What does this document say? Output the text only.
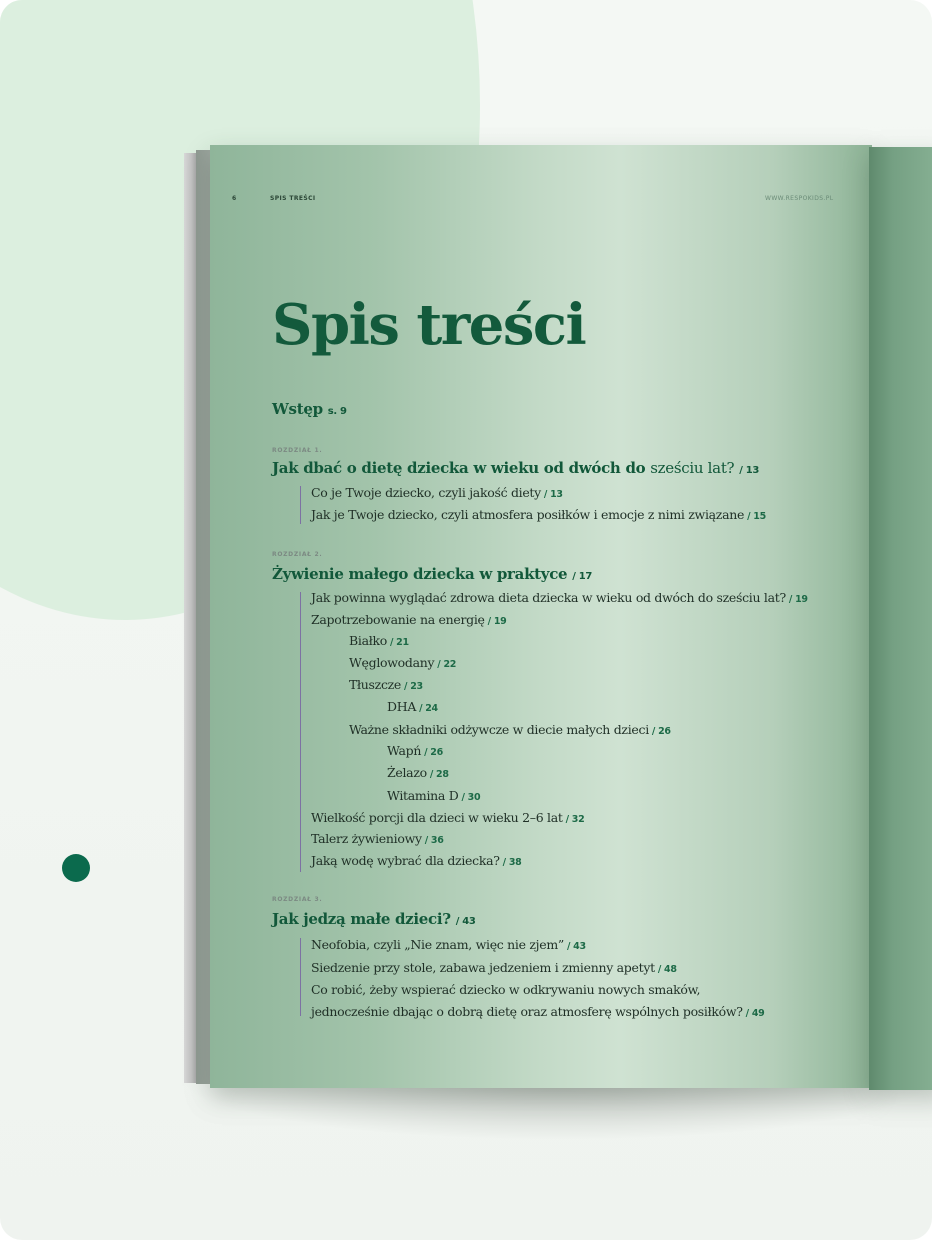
6	SPIS TREŚCI	WWW.RESPOKIDS.PL
Spis treści
Wstęp s. 9
ROZDZIAŁ 1.
Jak dbać o dietę dziecka w wieku od dwóch do sześciu lat? / 13
Co je Twoje dziecko, czyli jakość diety / 13
Jak je Twoje dziecko, czyli atmosfera posiłków i emocje z nimi związane / 15
ROZDZIAŁ 2.
Żywienie małego dziecka w praktyce / 17
Jak powinna wyglądać zdrowa dieta dziecka w wieku od dwóch do sześciu lat? / 19
Zapotrzebowanie na energię / 19
Białko / 21
Węglowodany / 22
Tłuszcze / 23
DHA / 24
Ważne składniki odżywcze w diecie małych dzieci / 26
Wapń / 26
Żelazo / 28
Witamina D / 30
Wielkość porcji dla dzieci w wieku 2–6 lat / 32
Talerz żywieniowy / 36
Jaką wodę wybrać dla dziecka? / 38
ROZDZIAŁ 3.
Jak jedzą małe dzieci? / 43
Neofobia, czyli „Nie znam, więc nie zjem” / 43
Siedzenie przy stole, zabawa jedzeniem i zmienny apetyt / 48
Co robić, żeby wspierać dziecko w odkrywaniu nowych smaków,
jednocześnie dbając o dobrą dietę oraz atmosferę wspólnych posiłków? / 49
